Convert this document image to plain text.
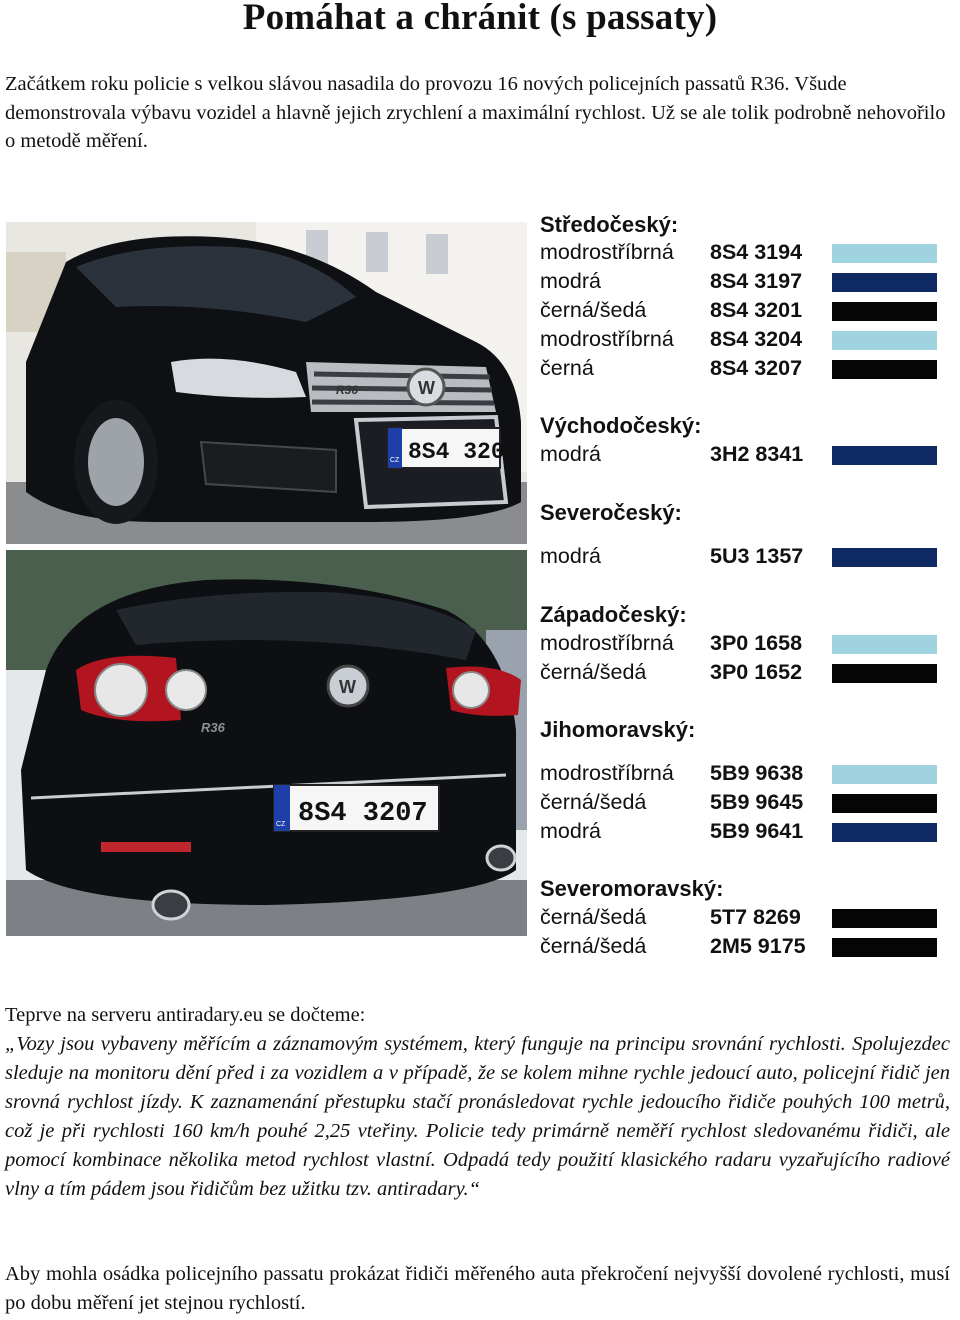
Pomáhat a chránit (s passaty)

Začátkem roku policie s velkou slávou nasadila do provozu 16 nových policejních passatů R36. Všude demonstrovala výbavu vozidel a hlavně jejich zrychlení a maximální rychlost. Už se ale tolik podrobně nehovořilo o metodě měření.

W
R36
CZ 8S4 3207
W
R36
CZ 8S4 3207
Středočeský:
modrostříbrná 8S4 3194
modrá	8S4 3197
černá/šedá	8S4 3201
modrostříbrná 8S4 3204
černá	8S4 3207
Východočeský:
modrá	3H2 8341
Severočeský:
modrá	5U3 1357
Západočeský:
modrostříbrná 3P0 1658
černá/šedá	3P0 1652
Jihomoravský:
modrostříbrná 5B9 9638
černá/šedá	5B9 9645
modrá	5B9 9641
Severomoravský:
černá/šedá	5T7 8269
černá/šedá	2M5 9175

Teprve na serveru antiradary.eu se dočteme:

„Vozy jsou vybaveny měřícím a záznamovým systémem, který funguje na principu srovnání rychlosti. Spolujezdec sleduje na monitoru dění před i za vozidlem a v případě, že se kolem mihne rychle jedoucí auto, policejní řidič jen srovná rychlost jízdy. K zaznamenání přestupku stačí pronásledovat rychle jedoucího řidiče pouhých 100 metrů, což je při rychlosti 160 km/h pouhé 2,25 vteřiny. Policie tedy primárně neměří rychlost sledovanému řidiči, ale pomocí kombinace několika metod rychlost vlastní. Odpadá tedy použití klasického radaru vyzařujícího radiové vlny a tím pádem jsou řidičům bez užitku tzv. antiradary.“

Aby mohla osádka policejního passatu prokázat řidiči měřeného auta překročení nejvyšší dovolené rychlosti, musí po dobu měření jet stejnou rychlostí.
